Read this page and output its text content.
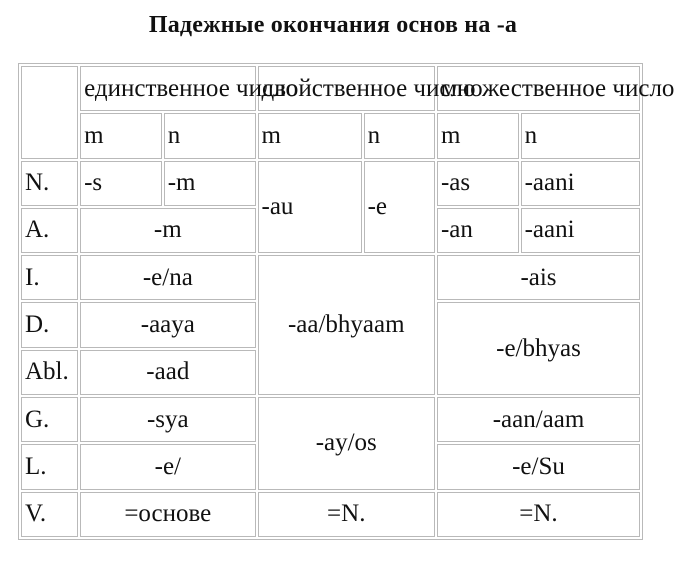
Падежные окончания основ на -а
	единственное число		двойственное число		множественное число	
	m	n	m	n	m	n
N.	-s	-m	-au	-e	-as	-aani
A.	-m				-an	-aani
I.	-e/na		-aa/bhyaam		-ais	
D.	-aaya				-e/bhyas	
Abl.	-aad					
G.	-sya		-ay/os		-aan/aam	
L.	-e/				-e/Su	
V.	=основе		=N.		=N.	
